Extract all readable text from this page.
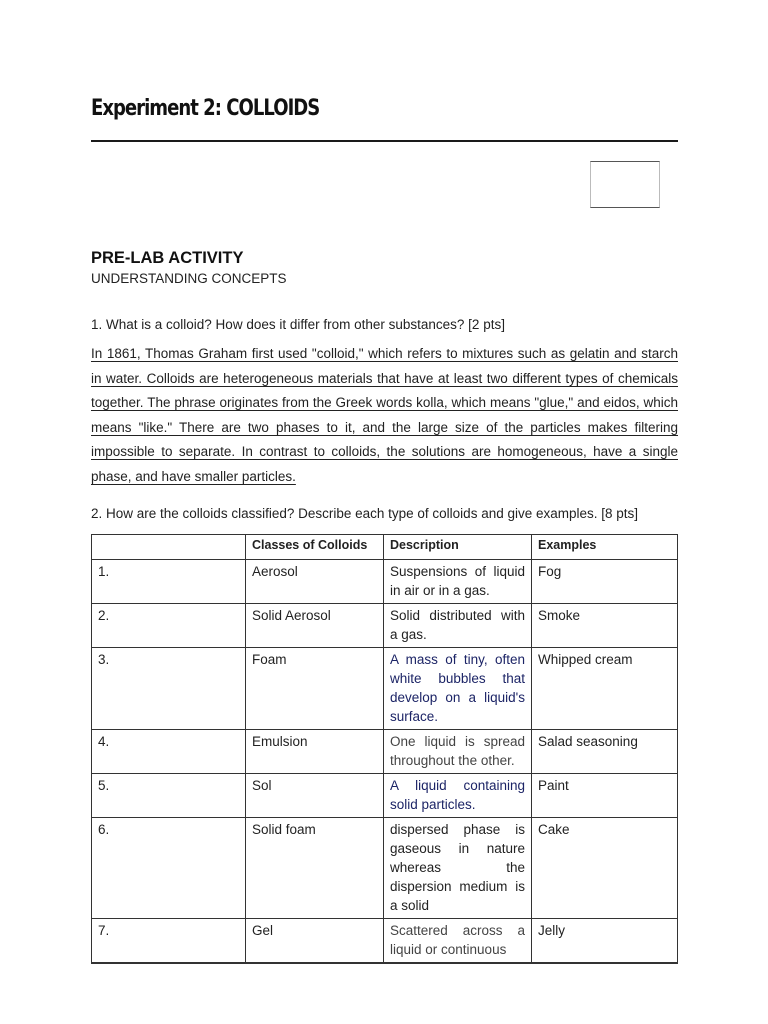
Experiment 2: COLLOIDS
PRE-LAB ACTIVITY
UNDERSTANDING CONCEPTS
1. What is a colloid? How does it differ from other substances? [2 pts]
In 1861, Thomas Graham first used "colloid," which refers to mixtures such as gelatin and starch in water. Colloids are heterogeneous materials that have at least two different types of chemicals together. The phrase originates from the Greek words kolla, which means "glue," and eidos, which means "like." There are two phases to it, and the large size of the particles makes filtering impossible to separate. In contrast to colloids, the solutions are homogeneous, have a single phase, and have smaller particles.
2. How are the colloids classified? Describe each type of colloids and give examples. [8 pts]
	Classes of Colloids	Description	Examples
1.	Aerosol	Suspensions of liquid in air or in a gas.	Fog
2.	Solid Aerosol	Solid distributed with a gas.	Smoke
3.	Foam	A mass of tiny, often white bubbles that develop on a liquid's surface.	Whipped cream
4.	Emulsion	One liquid is spread throughout the other.	Salad seasoning
5.	Sol	A liquid containing solid particles.	Paint
6.	Solid foam	dispersed phase is gaseous in nature whereas the dispersion medium is a solid	Cake
7.	Gel	Scattered across a liquid or continuous	Jelly
